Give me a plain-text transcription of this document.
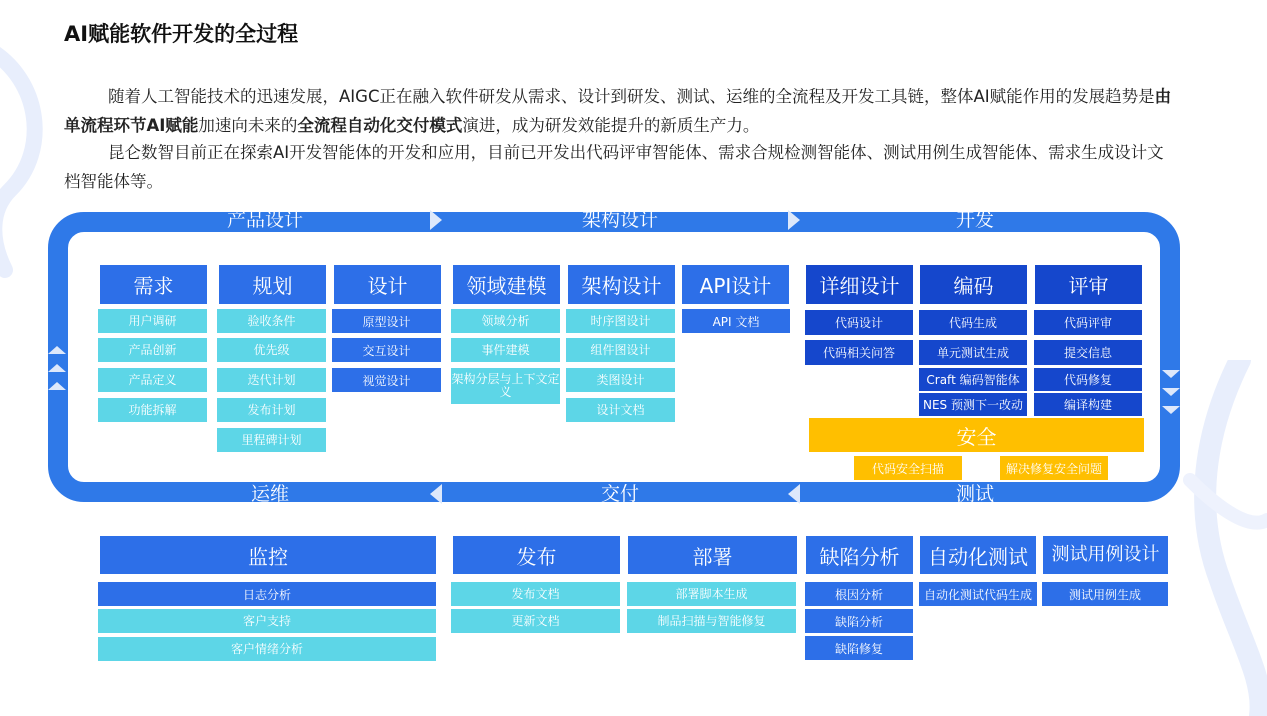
AI赋能软件开发的全过程

随着人工智能技术的迅速发展，AIGC正在融入软件研发从需求、设计到研发、测试、运维的全流程及开发工具链，整体AI赋能作用的发展趋势是由单流程环节AI赋能加速向未来的全流程自动化交付模式演进，成为研发效能提升的新质生产力。

昆仑数智目前正在探索AI开发智能体的开发和应用，目前已开发出代码评审智能体、需求合规检测智能体、测试用例生成智能体、需求生成设计文档智能体等。

产品设计	架构设计	开发
运维	交付	测试
需求
用户调研
产品创新
产品定义
功能拆解
规划
验收条件
优先级
迭代计划
发布计划
里程碑计划
设计
原型设计
交互设计
视觉设计
领域建模
领域分析
事件建模
架构分层与上下文定义
架构设计
时序图设计
组件图设计
类图设计
设计文档
API设计
API 文档
详细设计
代码设计
代码相关问答
编码
代码生成
单元测试生成
Craft 编码智能体
NES 预测下一改动
评审
代码评审
提交信息
代码修复
编译构建
安全
代码安全扫描	解决修复安全问题
监控
日志分析
客户支持
客户情绪分析
发布
发布文档
更新文档
部署
部署脚本生成
制品扫描与智能修复
缺陷分析
根因分析
缺陷分析
缺陷修复
自动化测试
自动化测试代码生成
测试用例设计
测试用例生成
